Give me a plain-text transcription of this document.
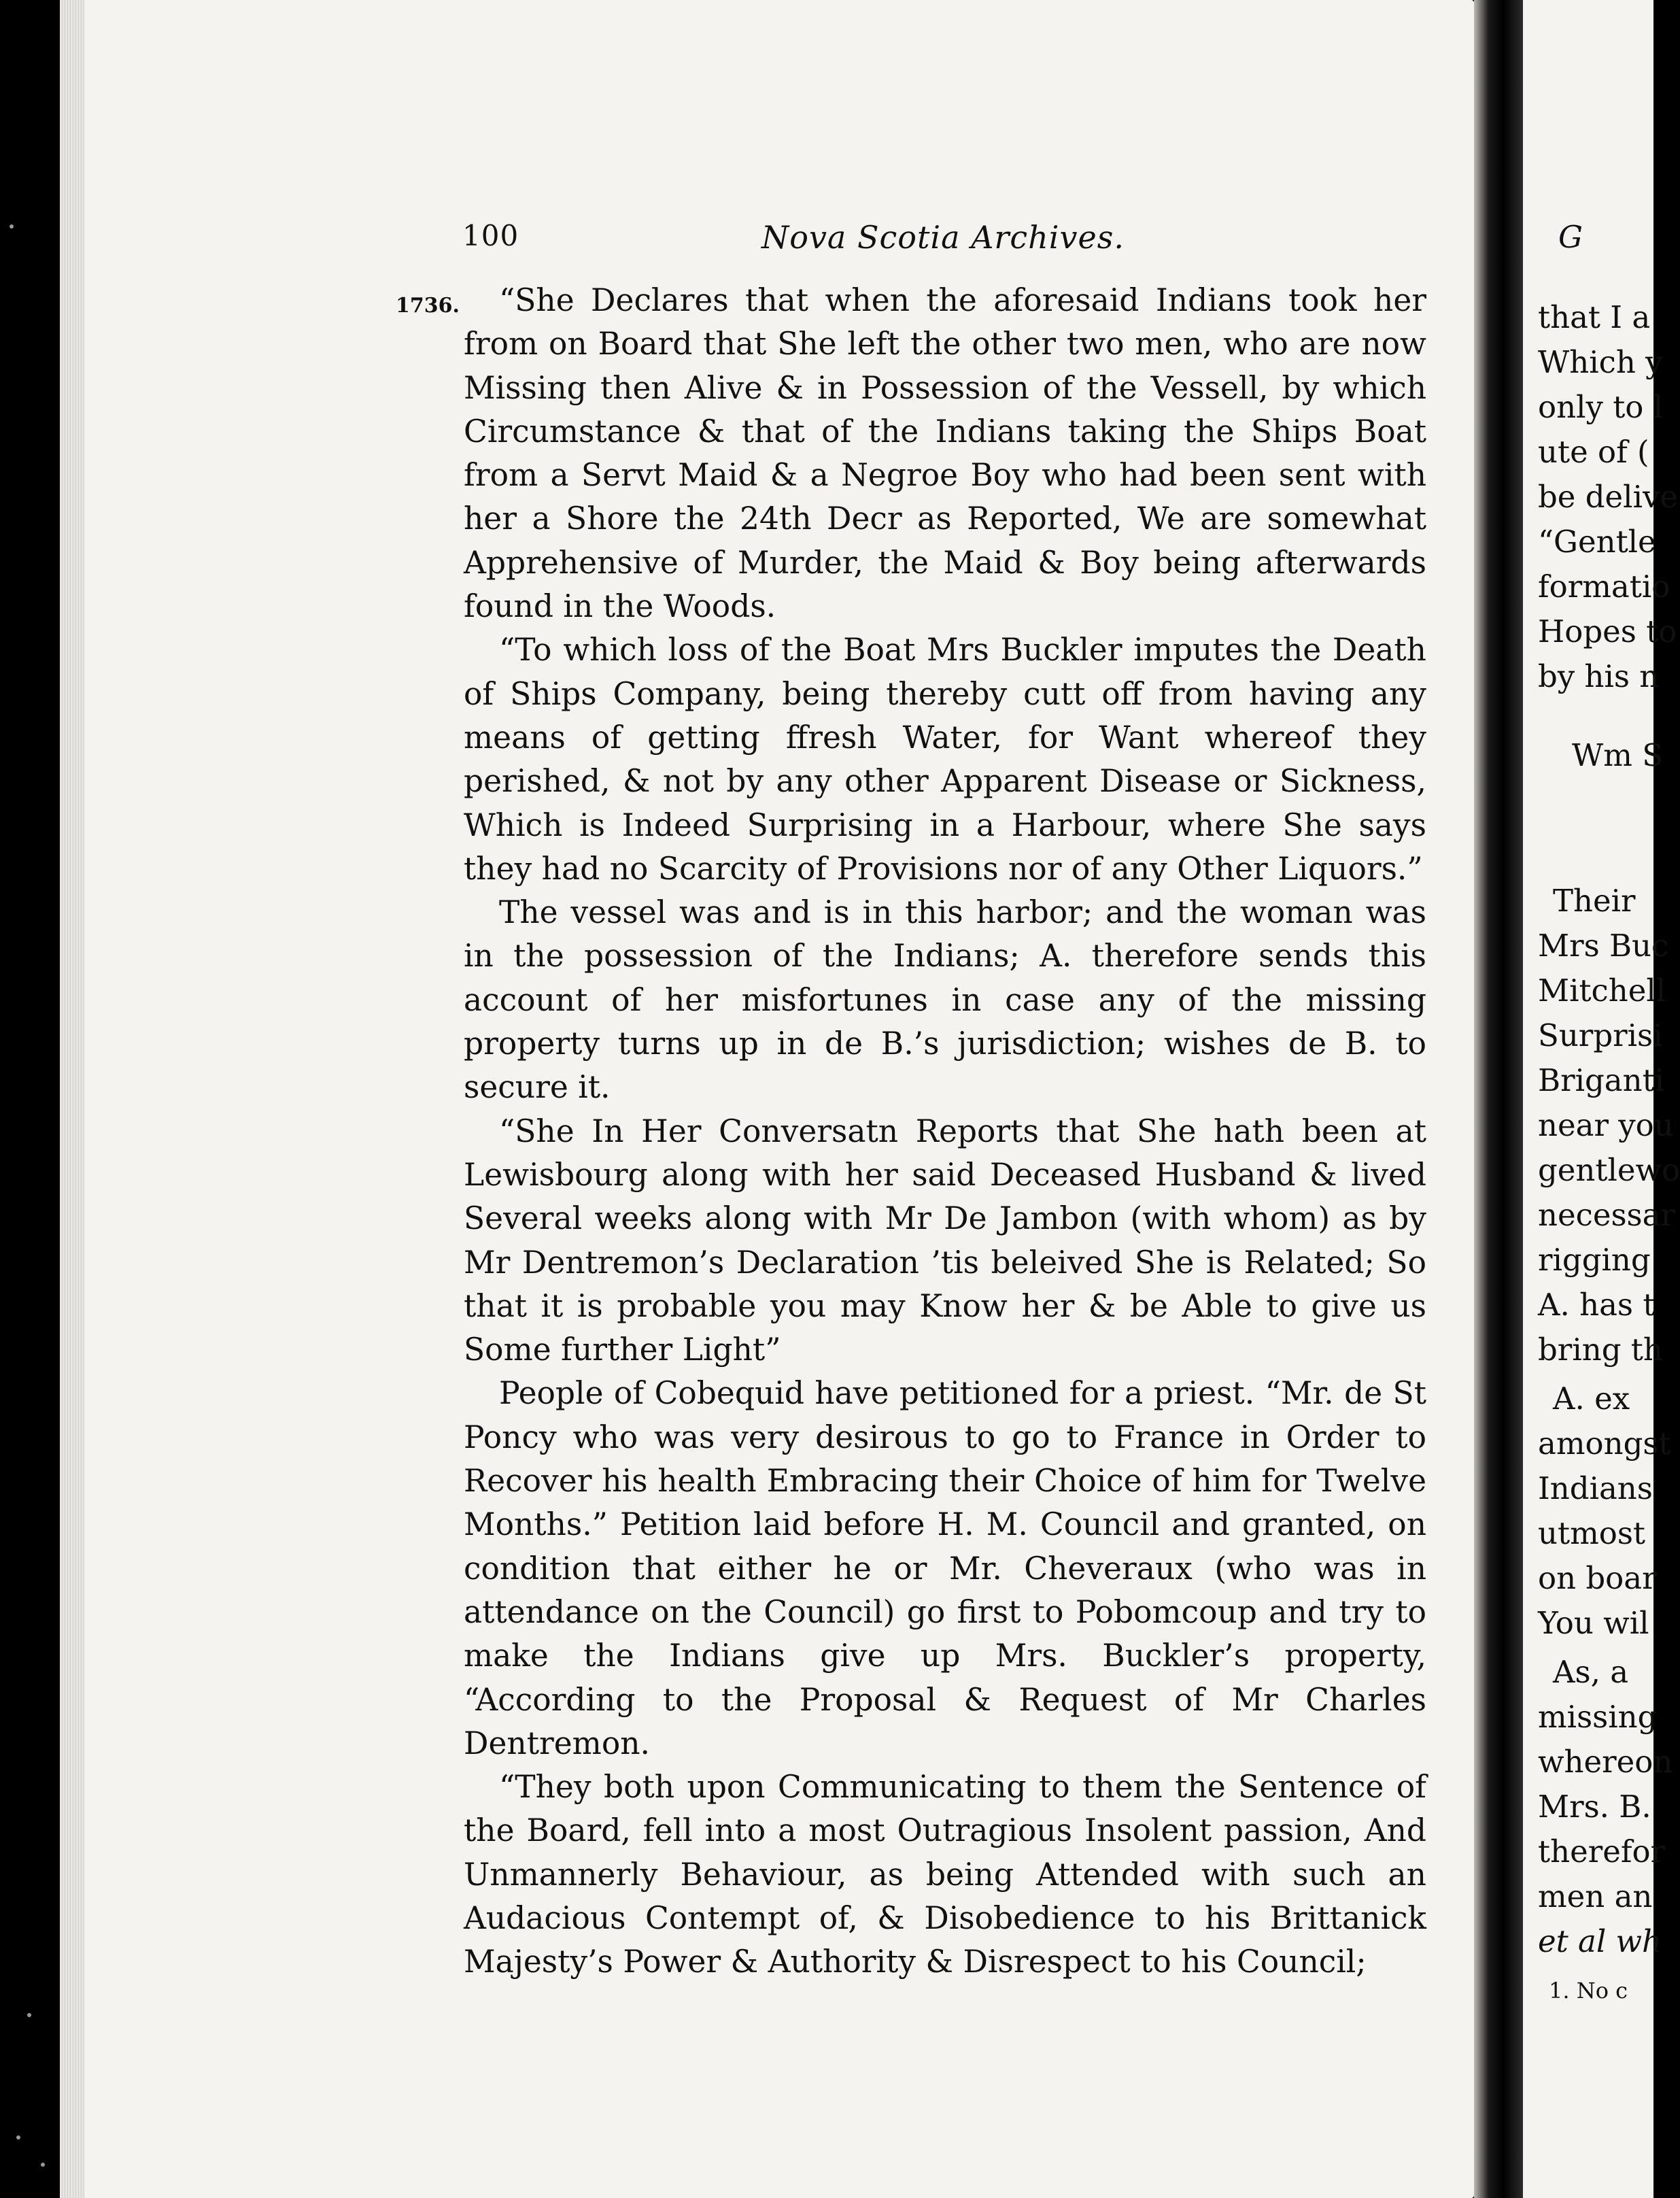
100	Nova Scotia Archives.
1736.	“She Declares that when the aforesaid Indians took her from on Board that She left the other two men, who are now Missing then Alive & in Possession of the Vessell, by which Circumstance & that of the Indians taking the Ships Boat from a Servt Maid & a Negroe Boy who had been sent with her a Shore the 24th Decr as Reported, We are somewhat Apprehensive of Murder, the Maid & Boy being afterwards found in the Woods.

“To which loss of the Boat Mrs Buckler imputes the Death of Ships Company, being thereby cutt off from having any means of getting ffresh Water, for Want whereof they perished, & not by any other Apparent Disease or Sickness, Which is Indeed Surprising in a Harbour, where She says they had no Scarcity of Provisions nor of any Other Liquors.”

The vessel was and is in this harbor; and the woman was in the possession of the Indians; A. therefore sends this account of her misfortunes in case any of the missing property turns up in de B.’s jurisdiction; wishes de B. to secure it.

“She In Her Conversatn Reports that She hath been at Lewisbourg along with her said Deceased Husband & lived Several weeks along with Mr De Jambon (with whom) as by Mr Dentremon’s Declaration ’tis beleived She is Related; So that it is probable you may Know her & be Able to give us Some further Light”

People of Cobequid have petitioned for a priest. “Mr. de St Poncy who was very desirous to go to France in Order to Recover his health Embracing their Choice of him for Twelve Months.” Petition laid before H. M. Council and granted, on condition that either he or Mr. Cheveraux (who was in attendance on the Council) go first to Pobomcoup and try to make the Indians give up Mrs. Buckler’s property, “According to the Proposal & Request of Mr Charles Dentremon.

“They both upon Communicating to them the Sentence of the Board, fell into a most Outragious Insolent passion, And Unmannerly Behaviour, as being Attended with such an Audacious Contempt of, & Disobedience to his Brittanick Majesty’s Power & Authority & Disrespect to his Council;

G
that I a
Which y
only to l
ute of (
be delive
“Gentle
formatio
Hopes to
by his n
Wm S
Their
Mrs Buc
Mitchell
Surprisi
Briganti
near you
gentlewo
necessar
rigging
A. has t
bring th
A. ex
amongst
Indians
utmost
on boar
You wil
As, a
missing
whereon
Mrs. B.
therefor
men an
et al wh
1. No c
